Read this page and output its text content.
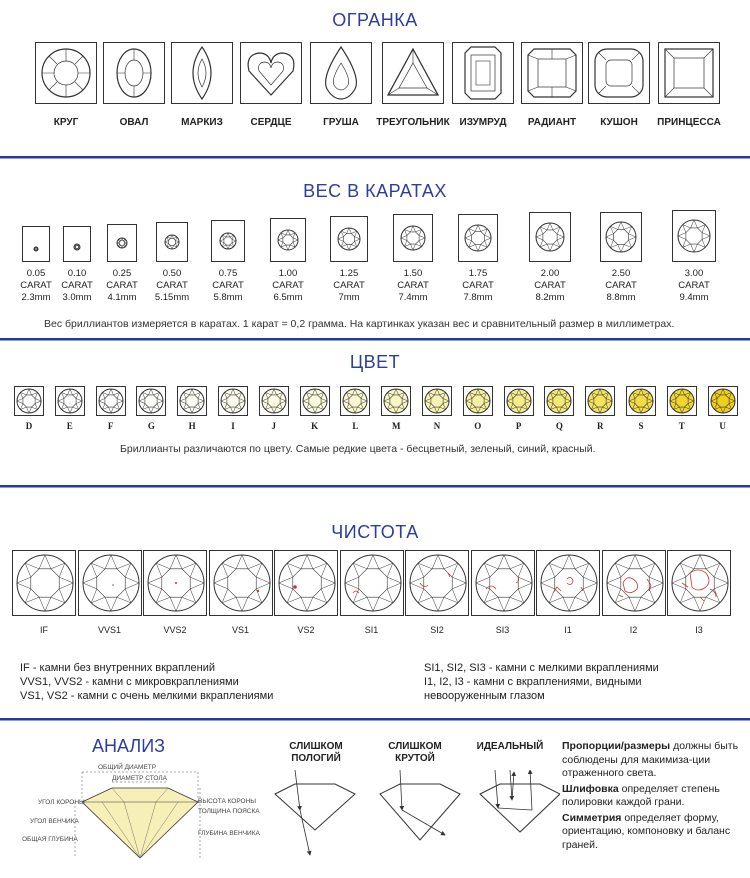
ОГРАНКА
КРУГ	ОВАЛ	МАРКИЗ	СЕРДЦЕ	ГРУША	ТРЕУГОЛЬНИК ИЗУМРУД	РАДИАНТ	КУШОН	ПРИНЦЕССА
ВЕС В КАРАТАХ
0.05
CARAT
2.3mm
0.10
CARAT
3.0mm
0.25
CARAT
4.1mm
0.50
CARAT
5.15mm
0.75
CARAT
5.8mm
1.00
CARAT
6.5mm
1.25
CARAT
7mm
1.50
CARAT
7.4mm
1.75
CARAT
7.8mm
2.00
CARAT
8.2mm
2.50
CARAT
8.8mm
3.00
CARAT
9.4mm
Вес бриллиантов измеряется в каратах. 1 карат = 0,2 грамма. На картинках указан вес и сравнительный размер в миллиметрах.
ЦВЕТ
D	E	F	G	H	I	J	K	L	M	N	O	P	Q	R	S	T	U
Бриллианты различаются по цвету. Самые редкие цвета - бесцветный, зеленый, синий, красный.
ЧИСТОТА
IF	VVS1	VVS2	VS1	VS2	SI1	SI2	SI3	I1	I2	I3
IF - камни без внутренних вкраплений
VVS1, VVS2 - камни с микровкраплениями
VS1, VS2 - камни с очень мелкими вкраплениями
SI1, SI2, SI3 - камни с мелкими вкраплениями
I1, I2, I3 - камни с вкраплениями, видными
невооруженным глазом
АНАЛИЗ
ОБЩИЙ ДИАМЕТР
ДИАМЕТР СТОЛА
УГОЛ КОРОНЫ
УГОЛ ВЕНЧИКА
ОБЩАЯ ГЛУБИНА
ВЫСОТА КОРОНЫ
ТОЛЩИНА ПОЯСКА
ГЛУБИНА ВЕНЧИКА
СЛИШКОМ
ПОЛОГИЙ
СЛИШКОМ
КРУТОЙ
ИДЕАЛЬНЫЙ	Пропорции/размеры должны быть соблюдены для макимиза-ции отраженного света.

Шлифовка определяет степень полировки каждой грани.

Симметрия определяет форму, ориентацию, компоновку и баланс граней.
